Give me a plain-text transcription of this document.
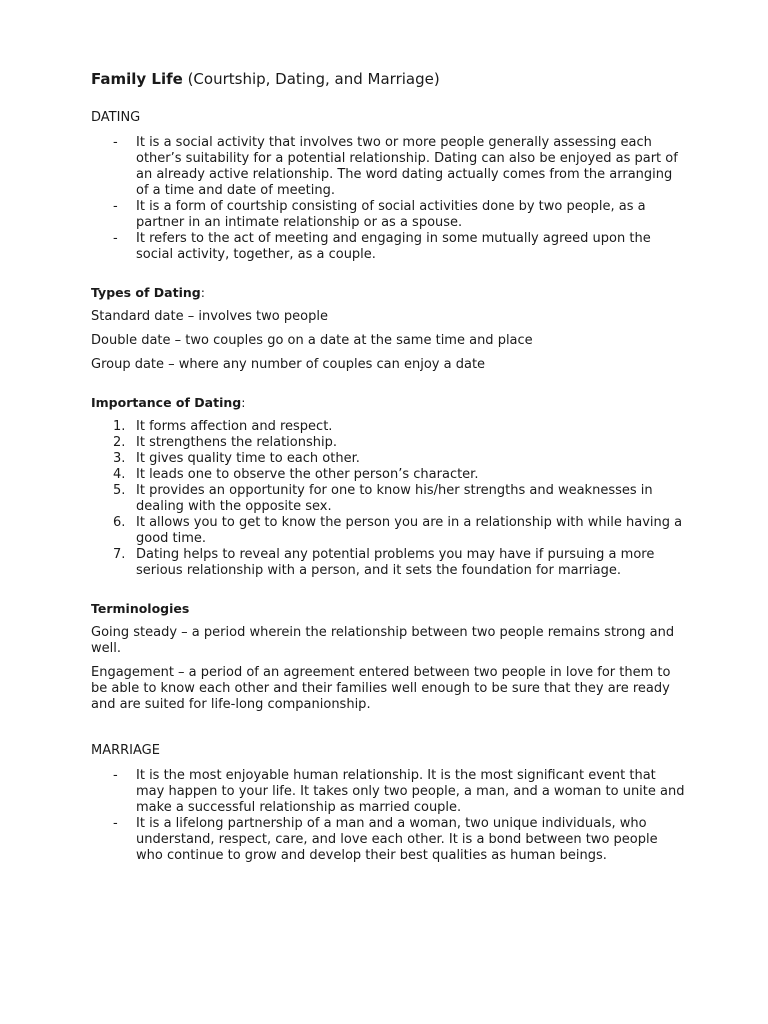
Family Life (Courtship, Dating, and Marriage)
DATING
- It is a social activity that involves two or more people generally assessing each other’s suitability for a potential relationship. Dating can also be enjoyed as part of an already active relationship. The word dating actually comes from the arranging of a time and date of meeting.
- It is a form of courtship consisting of social activities done by two people, as a partner in an intimate relationship or as a spouse.
- It refers to the act of meeting and engaging in some mutually agreed upon the social activity, together, as a couple.
Types of Dating:

Standard date – involves two people

Double date – two couples go on a date at the same time and place

Group date – where any number of couples can enjoy a date

Importance of Dating:
1. It forms affection and respect.
2. It strengthens the relationship.
3. It gives quality time to each other.
4. It leads one to observe the other person’s character.
5. It provides an opportunity for one to know his/her strengths and weaknesses in dealing with the opposite sex.
6. It allows you to get to know the person you are in a relationship with while having a good time.
7. Dating helps to reveal any potential problems you may have if pursuing a more serious relationship with a person, and it sets the foundation for marriage.
Terminologies

Going steady – a period wherein the relationship between two people remains strong and well.

Engagement – a period of an agreement entered between two people in love for them to be able to know each other and their families well enough to be sure that they are ready and are suited for life-long companionship.

MARRIAGE
- It is the most enjoyable human relationship. It is the most significant event that may happen to your life. It takes only two people, a man, and a woman to unite and make a successful relationship as married couple.
- It is a lifelong partnership of a man and a woman, two unique individuals, who understand, respect, care, and love each other. It is a bond between two people who continue to grow and develop their best qualities as human beings.
